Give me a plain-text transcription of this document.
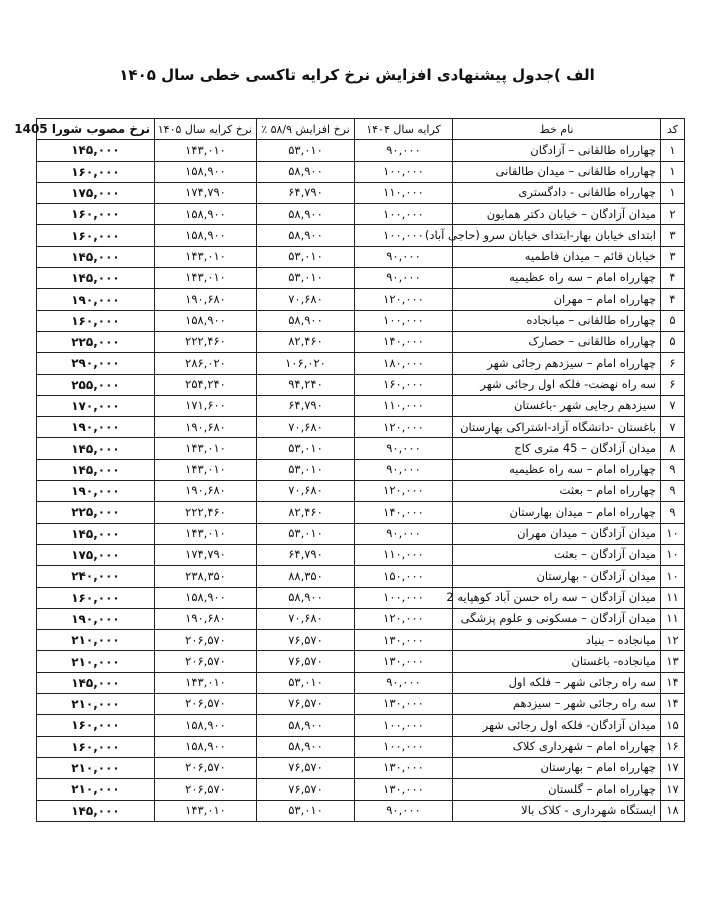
الف )جدول پیشنهادی افزایش نرخ کرایه تاکسی خطی سال ۱۴۰۵
کد	نام خط	کرایه سال ۱۴۰۴	نرخ افزایش ۵۸/۹ ٪	نرخ کرایه سال ۱۴۰۵	نرخ مصوب شورا 1405
۱	چهارراه طالقانی – آزادگان	۹۰,۰۰۰	۵۳,۰۱۰	۱۴۳,۰۱۰	۱۴۵,۰۰۰
۱	چهارراه طالقانی – میدان طالقانی	۱۰۰,۰۰۰	۵۸,۹۰۰	۱۵۸,۹۰۰	۱۶۰,۰۰۰
۱	چهارراه طالقانی - دادگستری	۱۱۰,۰۰۰	۶۴,۷۹۰	۱۷۴,۷۹۰	۱۷۵,۰۰۰
۲	میدان آزادگان – خیابان دکتر همایون	۱۰۰,۰۰۰	۵۸,۹۰۰	۱۵۸,۹۰۰	۱۶۰,۰۰۰
۳	ابتدای خیابان بهار-ابتدای خیابان سرو (حاجی آباد)	۱۰۰,۰۰۰	۵۸,۹۰۰	۱۵۸,۹۰۰	۱۶۰,۰۰۰
۳	خیابان قائم – میدان فاطمیه	۹۰,۰۰۰	۵۳,۰۱۰	۱۴۳,۰۱۰	۱۴۵,۰۰۰
۴	چهارراه امام – سه راه عظیمیه	۹۰,۰۰۰	۵۳,۰۱۰	۱۴۳,۰۱۰	۱۴۵,۰۰۰
۴	چهارراه امام – مهران	۱۲۰,۰۰۰	۷۰,۶۸۰	۱۹۰,۶۸۰	۱۹۰,۰۰۰
۵	چهارراه طالقانی – میانجاده	۱۰۰,۰۰۰	۵۸,۹۰۰	۱۵۸,۹۰۰	۱۶۰,۰۰۰
۵	چهارراه طالقانی – حصارک	۱۴۰,۰۰۰	۸۲,۴۶۰	۲۲۲,۴۶۰	۲۲۵,۰۰۰
۶	چهارراه امام – سیزدهم رجائی شهر	۱۸۰,۰۰۰	۱۰۶,۰۲۰	۲۸۶,۰۲۰	۲۹۰,۰۰۰
۶	سه راه نهضت- فلکه اول رجائی شهر	۱۶۰,۰۰۰	۹۴,۲۴۰	۲۵۴,۲۴۰	۲۵۵,۰۰۰
۷	سیزدهم رجایی شهر -باغستان	۱۱۰,۰۰۰	۶۴,۷۹۰	۱۷۱,۶۰۰	۱۷۰,۰۰۰
۷	باغستان -دانشگاه آزاد-اشتراکی بهارستان	۱۲۰,۰۰۰	۷۰,۶۸۰	۱۹۰,۶۸۰	۱۹۰,۰۰۰
۸	میدان آزادگان – 45 متری کاج	۹۰,۰۰۰	۵۳,۰۱۰	۱۴۳,۰۱۰	۱۴۵,۰۰۰
۹	چهارراه امام – سه راه عظیمیه	۹۰,۰۰۰	۵۳,۰۱۰	۱۴۳,۰۱۰	۱۴۵,۰۰۰
۹	چهارراه امام – بعثت	۱۲۰,۰۰۰	۷۰,۶۸۰	۱۹۰,۶۸۰	۱۹۰,۰۰۰
۹	چهارراه امام – میدان بهارستان	۱۴۰,۰۰۰	۸۲,۴۶۰	۲۲۲,۴۶۰	۲۲۵,۰۰۰
۱۰	میدان آزادگان – میدان مهران	۹۰,۰۰۰	۵۳,۰۱۰	۱۴۳,۰۱۰	۱۴۵,۰۰۰
۱۰	میدان آزادگان – بعثت	۱۱۰,۰۰۰	۶۴,۷۹۰	۱۷۴,۷۹۰	۱۷۵,۰۰۰
۱۰	میدان آزادگان - بهارستان	۱۵۰,۰۰۰	۸۸,۳۵۰	۲۳۸,۳۵۰	۲۴۰,۰۰۰
۱۱	میدان آزادگان – سه راه حسن آباد کوهپایه 2	۱۰۰,۰۰۰	۵۸,۹۰۰	۱۵۸,۹۰۰	۱۶۰,۰۰۰
۱۱	میدان آزادگان – مسکونی و علوم پزشگی	۱۲۰,۰۰۰	۷۰,۶۸۰	۱۹۰,۶۸۰	۱۹۰,۰۰۰
۱۲	میانجاده – بنیاد	۱۳۰,۰۰۰	۷۶,۵۷۰	۲۰۶,۵۷۰	۲۱۰,۰۰۰
۱۳	میانجاده- باغستان	۱۳۰,۰۰۰	۷۶,۵۷۰	۲۰۶,۵۷۰	۲۱۰,۰۰۰
۱۴	سه راه رجائی شهر – فلکه اول	۹۰,۰۰۰	۵۳,۰۱۰	۱۴۳,۰۱۰	۱۴۵,۰۰۰
۱۴	سه راه رجائی شهر – سیزدهم	۱۳۰,۰۰۰	۷۶,۵۷۰	۲۰۶,۵۷۰	۲۱۰,۰۰۰
۱۵	میدان آزادگان- فلکه اول رجائی شهر	۱۰۰,۰۰۰	۵۸,۹۰۰	۱۵۸,۹۰۰	۱۶۰,۰۰۰
۱۶	چهارراه امام – شهرداری کلاک	۱۰۰,۰۰۰	۵۸,۹۰۰	۱۵۸,۹۰۰	۱۶۰,۰۰۰
۱۷	چهارراه امام – بهارستان	۱۳۰,۰۰۰	۷۶,۵۷۰	۲۰۶,۵۷۰	۲۱۰,۰۰۰
۱۷	چهارراه امام – گلستان	۱۳۰,۰۰۰	۷۶,۵۷۰	۲۰۶,۵۷۰	۲۱۰,۰۰۰
۱۸	ایستگاه شهرداری - کلاک بالا	۹۰,۰۰۰	۵۳,۰۱۰	۱۴۳,۰۱۰	۱۴۵,۰۰۰
